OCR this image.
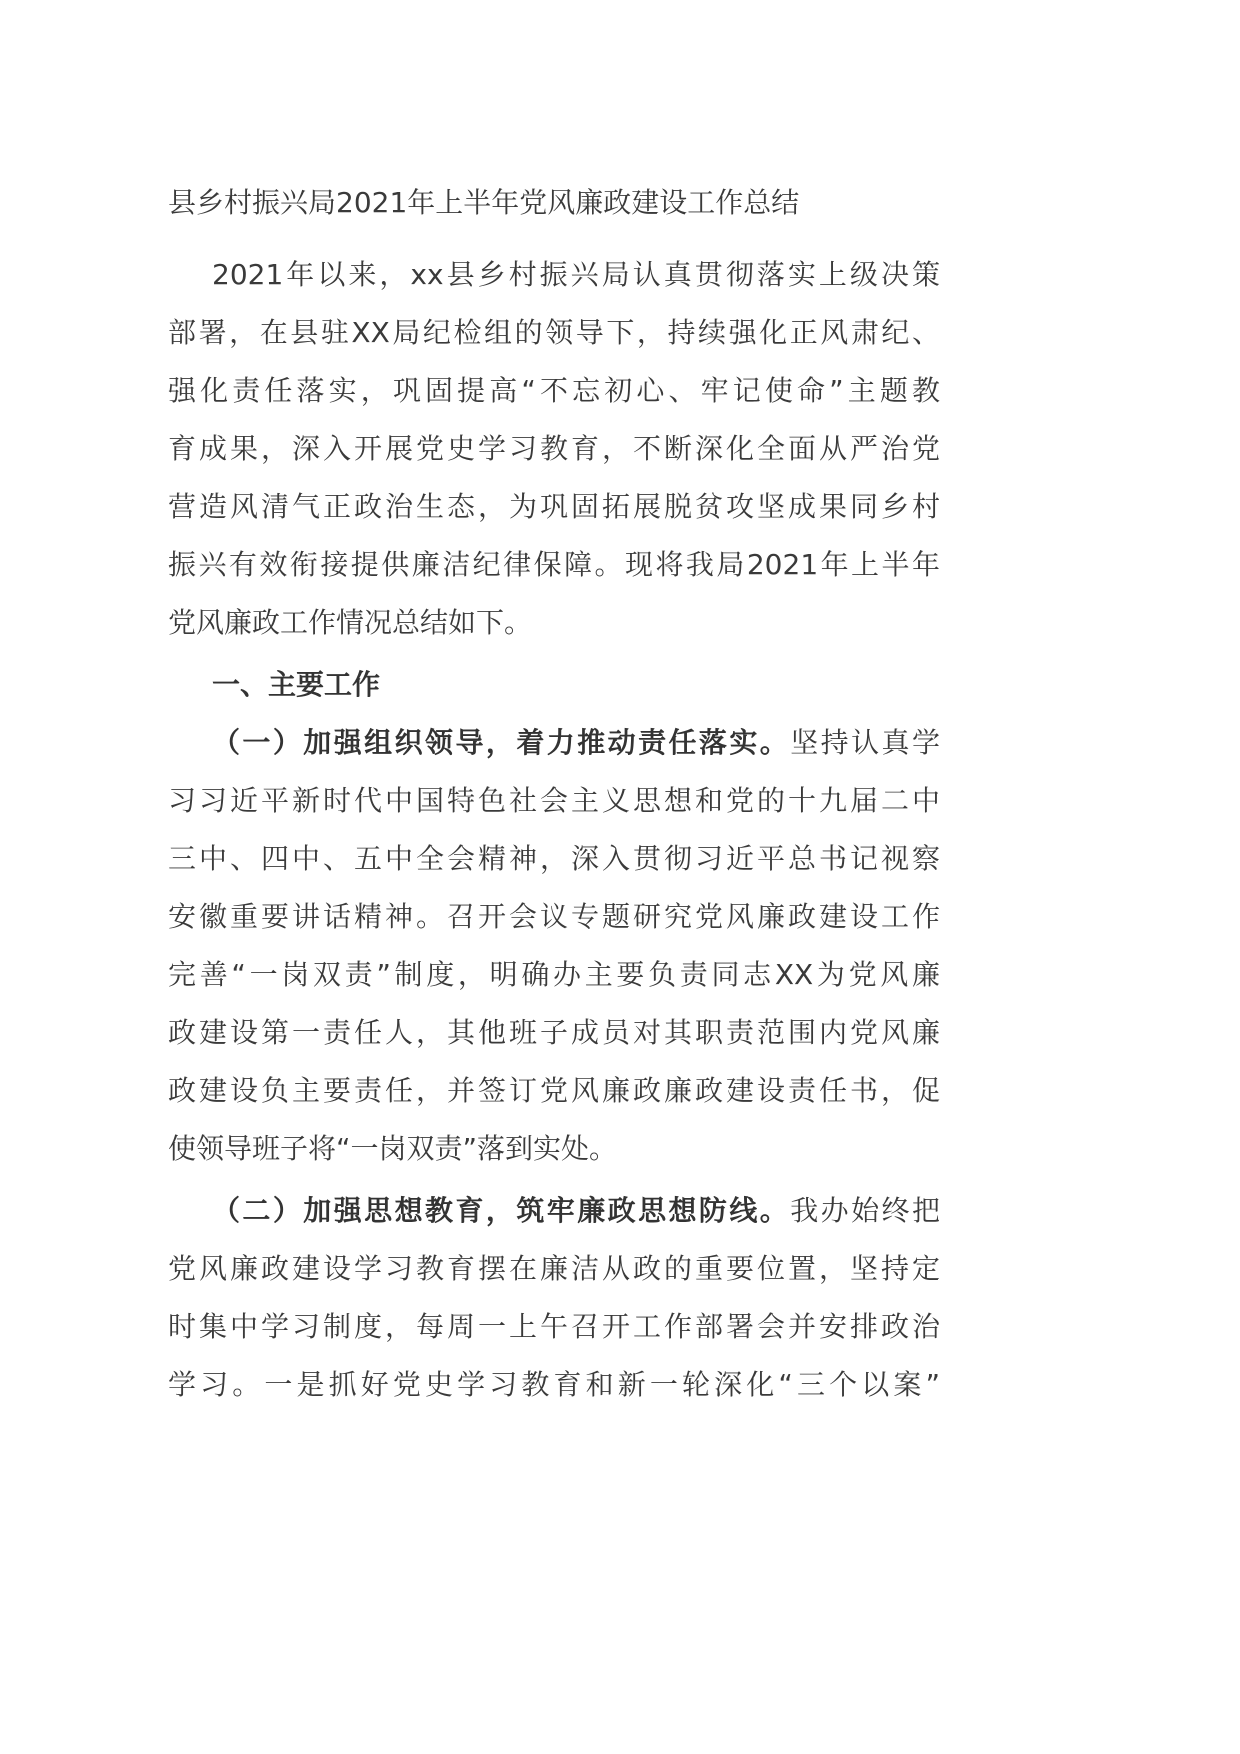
县乡村振兴局2021年上半年党风廉政建设工作总结
2021年以来，xx县乡村振兴局认真贯彻落实上级决策
部署，在县驻XX局纪检组的领导下，持续强化正风肃纪、
强化责任落实，巩固提高“不忘初心、牢记使命”主题教
育成果，深入开展党史学习教育，不断深化全面从严治党
营造风清气正政治生态，为巩固拓展脱贫攻坚成果同乡村
振兴有效衔接提供廉洁纪律保障。现将我局2021年上半年
党风廉政工作情况总结如下。
一、主要工作
（一）加强组织领导，着力推动责任落实。坚持认真学
习习近平新时代中国特色社会主义思想和党的十九届二中
三中、四中、五中全会精神，深入贯彻习近平总书记视察
安徽重要讲话精神。召开会议专题研究党风廉政建设工作
完善“一岗双责”制度，明确办主要负责同志XX为党风廉
政建设第一责任人，其他班子成员对其职责范围内党风廉
政建设负主要责任，并签订党风廉政廉政建设责任书，促
使领导班子将“一岗双责”落到实处。
（二）加强思想教育，筑牢廉政思想防线。我办始终把
党风廉政建设学习教育摆在廉洁从政的重要位置，坚持定
时集中学习制度，每周一上午召开工作部署会并安排政治
学习。一是抓好党史学习教育和新一轮深化“三个以案”
